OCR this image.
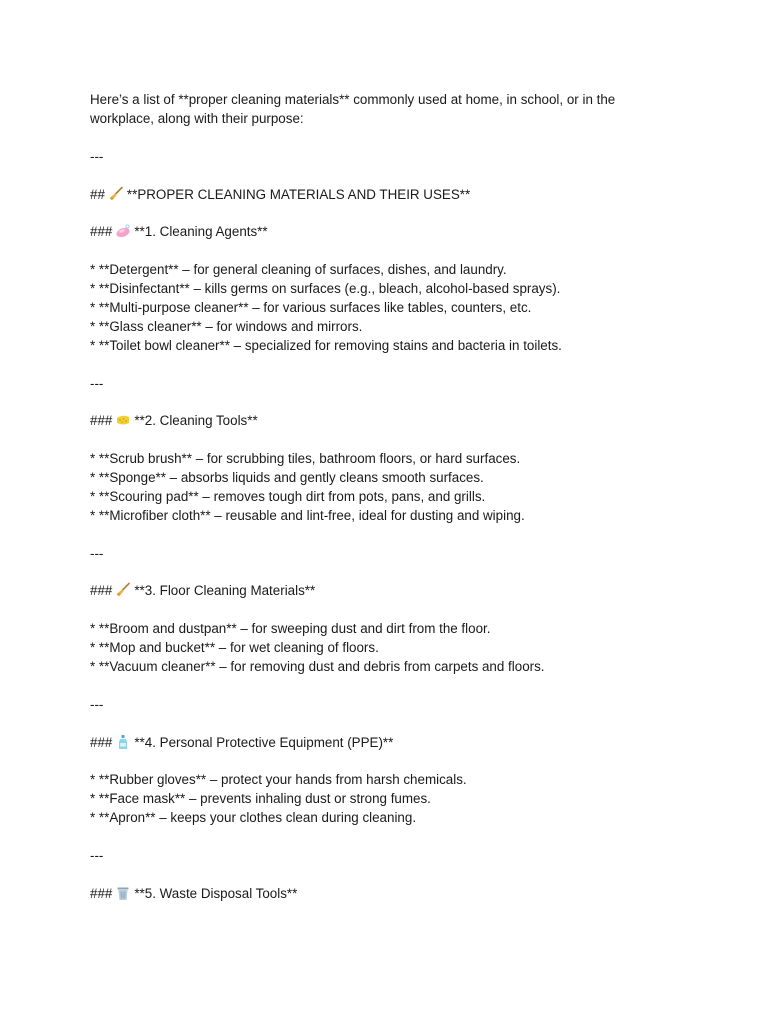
Here’s a list of **proper cleaning materials** commonly used at home, in school, or in the
workplace, along with their purpose:
---
## **PROPER CLEANING MATERIALS AND THEIR USES**
### **1. Cleaning Agents**
* **Detergent** – for general cleaning of surfaces, dishes, and laundry.
* **Disinfectant** – kills germs on surfaces (e.g., bleach, alcohol-based sprays).
* **Multi-purpose cleaner** – for various surfaces like tables, counters, etc.
* **Glass cleaner** – for windows and mirrors.
* **Toilet bowl cleaner** – specialized for removing stains and bacteria in toilets.
---
### **2. Cleaning Tools**
* **Scrub brush** – for scrubbing tiles, bathroom floors, or hard surfaces.
* **Sponge** – absorbs liquids and gently cleans smooth surfaces.
* **Scouring pad** – removes tough dirt from pots, pans, and grills.
* **Microfiber cloth** – reusable and lint-free, ideal for dusting and wiping.
---
### **3. Floor Cleaning Materials**
* **Broom and dustpan** – for sweeping dust and dirt from the floor.
* **Mop and bucket** – for wet cleaning of floors.
* **Vacuum cleaner** – for removing dust and debris from carpets and floors.
---
### **4. Personal Protective Equipment (PPE)**
* **Rubber gloves** – protect your hands from harsh chemicals.
* **Face mask** – prevents inhaling dust or strong fumes.
* **Apron** – keeps your clothes clean during cleaning.
---
### **5. Waste Disposal Tools**
